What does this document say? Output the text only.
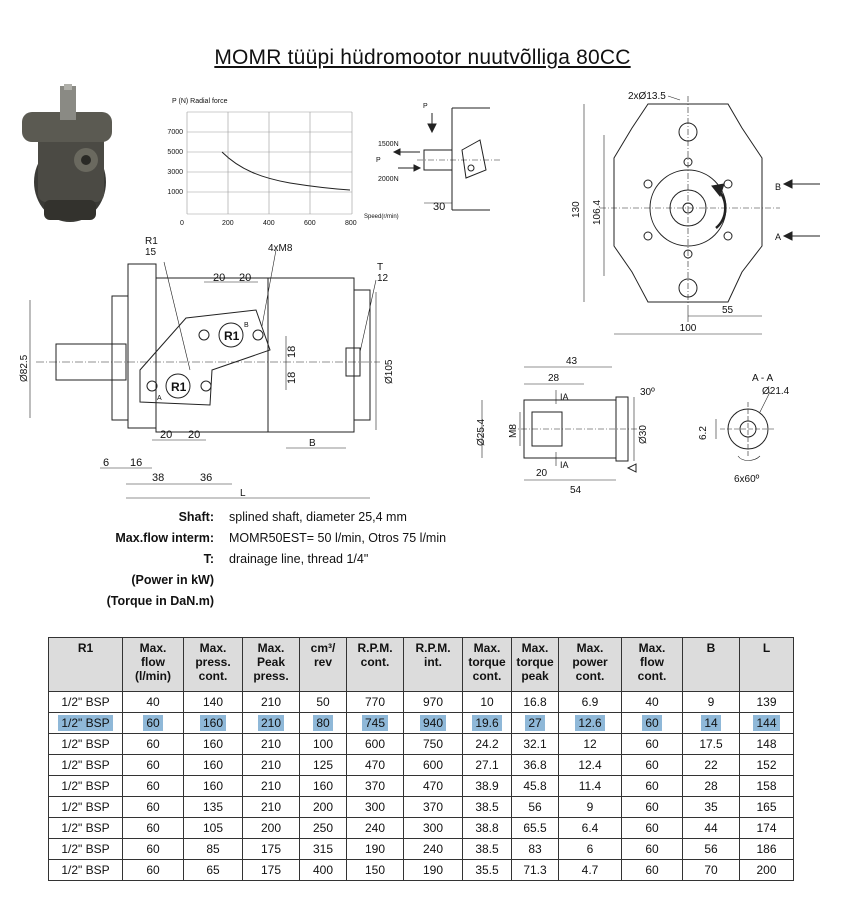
MOMR tüüpi hüdromootor nuutvõlliga 80CC
P (N) Radial force
7000
5000
3000
1000
0	200	400	600	800
Speed(r/min)
P
1500N
P
2000N
30
2xØ13.5
130 106.4
55
100
B
A
R1 15	4xM8
20 20
T 12
R1
R1
B
A
Ø82.5
18
18	Ø105
20 20
B
6 16
38	36
L
43
28
30º
Ø25.4 M8	Ø30
20
54
IA
IA
A - A
Ø21.4
6.2
6x60º
Shaft: splined shaft, diameter 25,4 mm
Max.flow interm: MOMR50EST= 50 l/min, Otros 75 l/min
T: drainage line, thread 1/4"
(Power in kW)
(Torque in DaN.m)
R1	Max.
flow
(l/min)	Max.
press.
cont.	Max.
Peak
press.	cm³/
rev	R.P.M.
cont.	R.P.M.
int.	Max.
torque
cont.	Max.
torque
peak	Max.
power
cont.	Max.
flow
cont.	B	L
1/2" BSP	40	140	210	50	770	970	10	16.8	6.9	40	9	139
1/2" BSP	60	160	210	80	745	940	19.6	27	12.6	60	14	144
1/2" BSP	60	160	210	100	600	750	24.2	32.1	12	60	17.5	148
1/2" BSP	60	160	210	125	470	600	27.1	36.8	12.4	60	22	152
1/2" BSP	60	160	210	160	370	470	38.9	45.8	11.4	60	28	158
1/2" BSP	60	135	210	200	300	370	38.5	56	9	60	35	165
1/2" BSP	60	105	200	250	240	300	38.8	65.5	6.4	60	44	174
1/2" BSP	60	85	175	315	190	240	38.5	83	6	60	56	186
1/2" BSP	60	65	175	400	150	190	35.5	71.3	4.7	60	70	200
